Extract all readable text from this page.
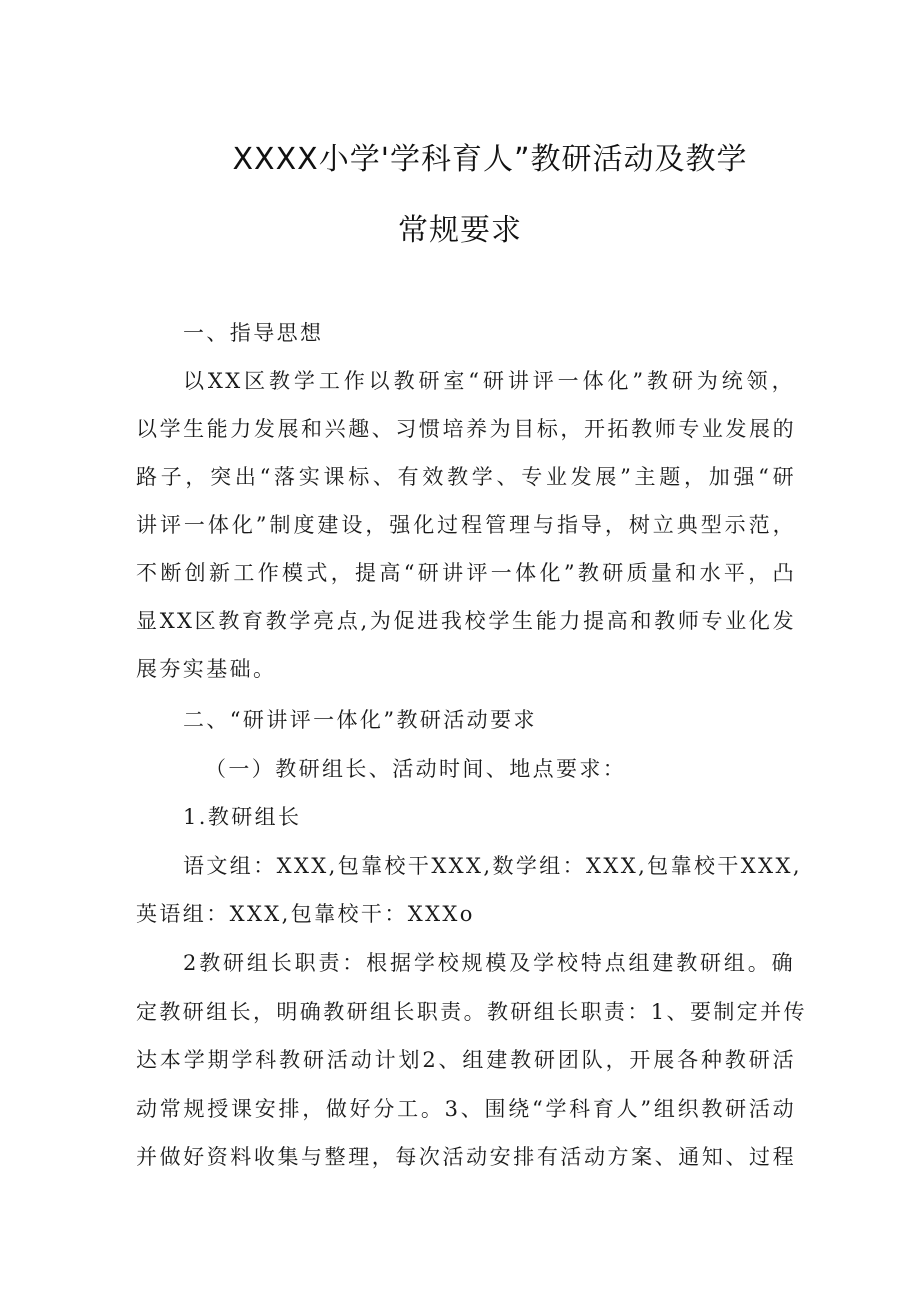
XXXX小学'学科育人”教研活动及教学
常规要求
一、指导思想
以XX区教学工作以教研室“研讲评一体化”教研为统领，
以学生能力发展和兴趣、习惯培养为目标，开拓教师专业发展的
路子，突出“落实课标、有效教学、专业发展”主题，加强“研
讲评一体化”制度建设，强化过程管理与指导，树立典型示范，
不断创新工作模式，提高“研讲评一体化”教研质量和水平，凸
显XX区教育教学亮点,为促进我校学生能力提高和教师专业化发
展夯实基础。
二、“研讲评一体化”教研活动要求
（一）教研组长、活动时间、地点要求：
1.教研组长
语文组：XXX,包靠校干XXX,数学组：XXX,包靠校干XXX,
英语组：XXX,包靠校干：XXXo
2教研组长职责：根据学校规模及学校特点组建教研组。确
定教研组长，明确教研组长职责。教研组长职责：1、要制定并传
达本学期学科教研活动计划2、组建教研团队，开展各种教研活
动常规授课安排，做好分工。3、围绕“学科育人”组织教研活动
并做好资料收集与整理，每次活动安排有活动方案、通知、过程
